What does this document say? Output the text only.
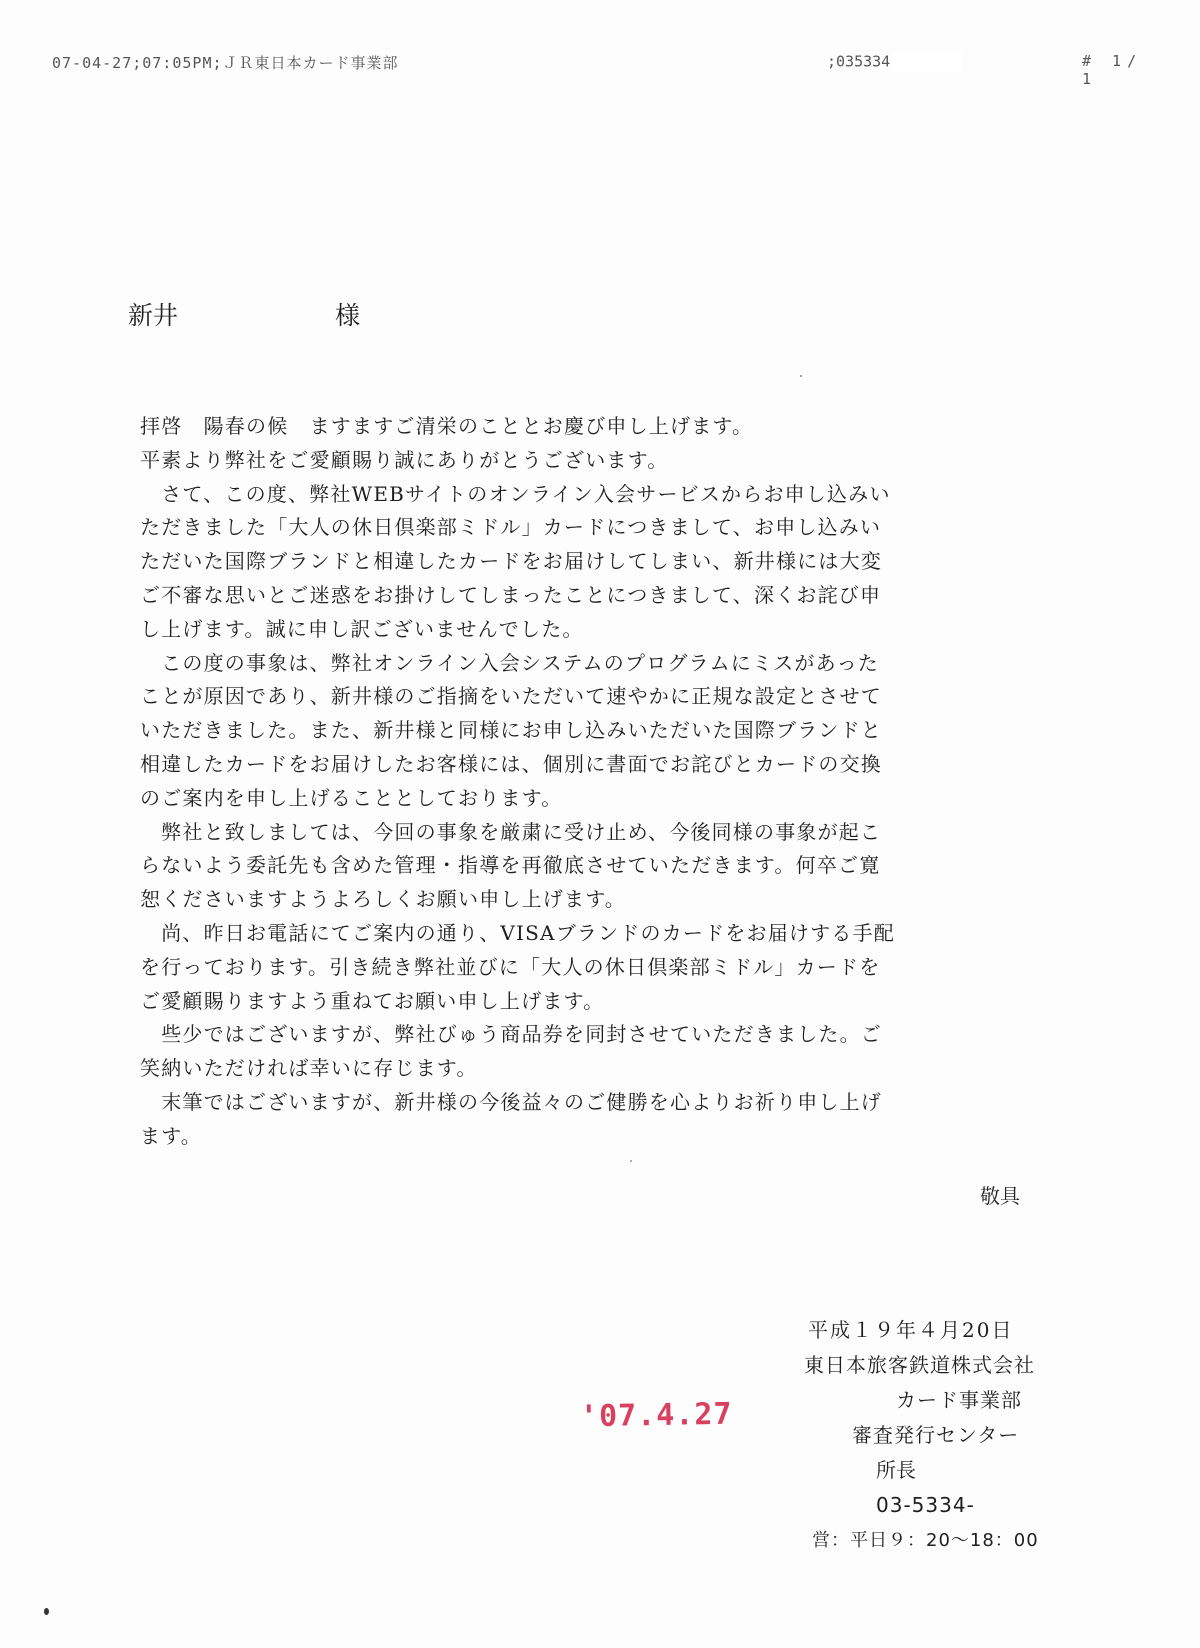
07-04-27;07:05PM;ＪＲ東日本カード事業部	;035334	# 1/ 1
新井	様

拝啓　陽春の候　ますますご清栄のこととお慶び申し上げます。

平素より弊社をご愛顧賜り誠にありがとうございます。

　さて、この度、弊社WEBサイトのオンライン入会サービスからお申し込みい

ただきました「大人の休日倶楽部ミドル」カードにつきまして、お申し込みい

ただいた国際ブランドと相違したカードをお届けしてしまい、新井様には大変

ご不審な思いとご迷惑をお掛けしてしまったことにつきまして、深くお詫び申

し上げます。誠に申し訳ございませんでした。

　この度の事象は、弊社オンライン入会システムのプログラムにミスがあった

ことが原因であり、新井様のご指摘をいただいて速やかに正規な設定とさせて

いただきました。また、新井様と同様にお申し込みいただいた国際ブランドと

相違したカードをお届けしたお客様には、個別に書面でお詫びとカードの交換

のご案内を申し上げることとしております。

　弊社と致しましては、今回の事象を厳粛に受け止め、今後同様の事象が起こ

らないよう委託先も含めた管理・指導を再徹底させていただきます。何卒ご寛

恕くださいますようよろしくお願い申し上げます。

　尚、昨日お電話にてご案内の通り、VISAブランドのカードをお届けする手配

を行っております。引き続き弊社並びに「大人の休日倶楽部ミドル」カードを

ご愛顧賜りますよう重ねてお願い申し上げます。

　些少ではございますが、弊社びゅう商品券を同封させていただきました。ご

笑納いただければ幸いに存じます。

　末筆ではございますが、新井様の今後益々のご健勝を心よりお祈り申し上げ

ます。

敬具
'07.4.27
平成１９年４月20日
東日本旅客鉄道株式会社
カード事業部
審査発行センター
所長
03-5334-
営：平日９：20～18：00
